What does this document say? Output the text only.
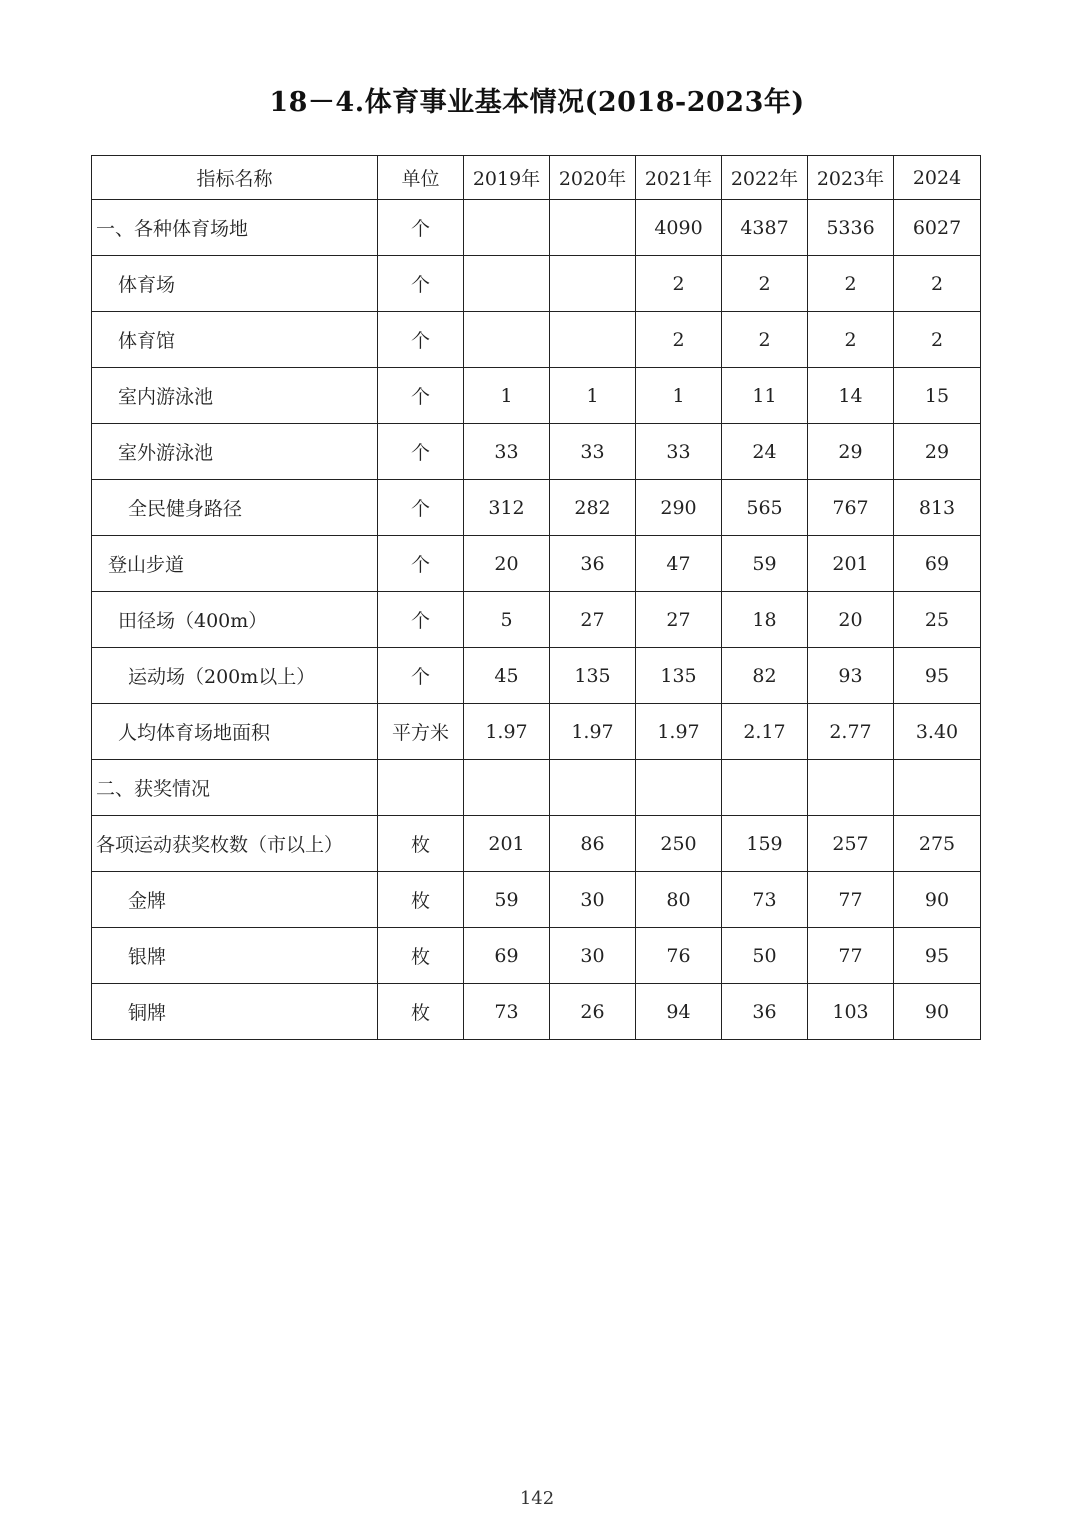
18－4.体育事业基本情况(2018-2023年)
指标名称	单位	2019年	2020年	2021年	2022年	2023年	2024
一、各种体育场地	个			4090	4387	5336	6027
体育场	个			2	2	2	2
体育馆	个			2	2	2	2
室内游泳池	个	1	1	1	11	14	15
室外游泳池	个	33	33	33	24	29	29
全民健身路径	个	312	282	290	565	767	813
登山步道	个	20	36	47	59	201	69
田径场（400m）	个	5	27	27	18	20	25
运动场（200m以上）	个	45	135	135	82	93	95
人均体育场地面积	平方米	1.97	1.97	1.97	2.17	2.77	3.40
二、获奖情况							
各项运动获奖枚数（市以上）	枚	201	86	250	159	257	275
金牌	枚	59	30	80	73	77	90
银牌	枚	69	30	76	50	77	95
铜牌	枚	73	26	94	36	103	90
142
